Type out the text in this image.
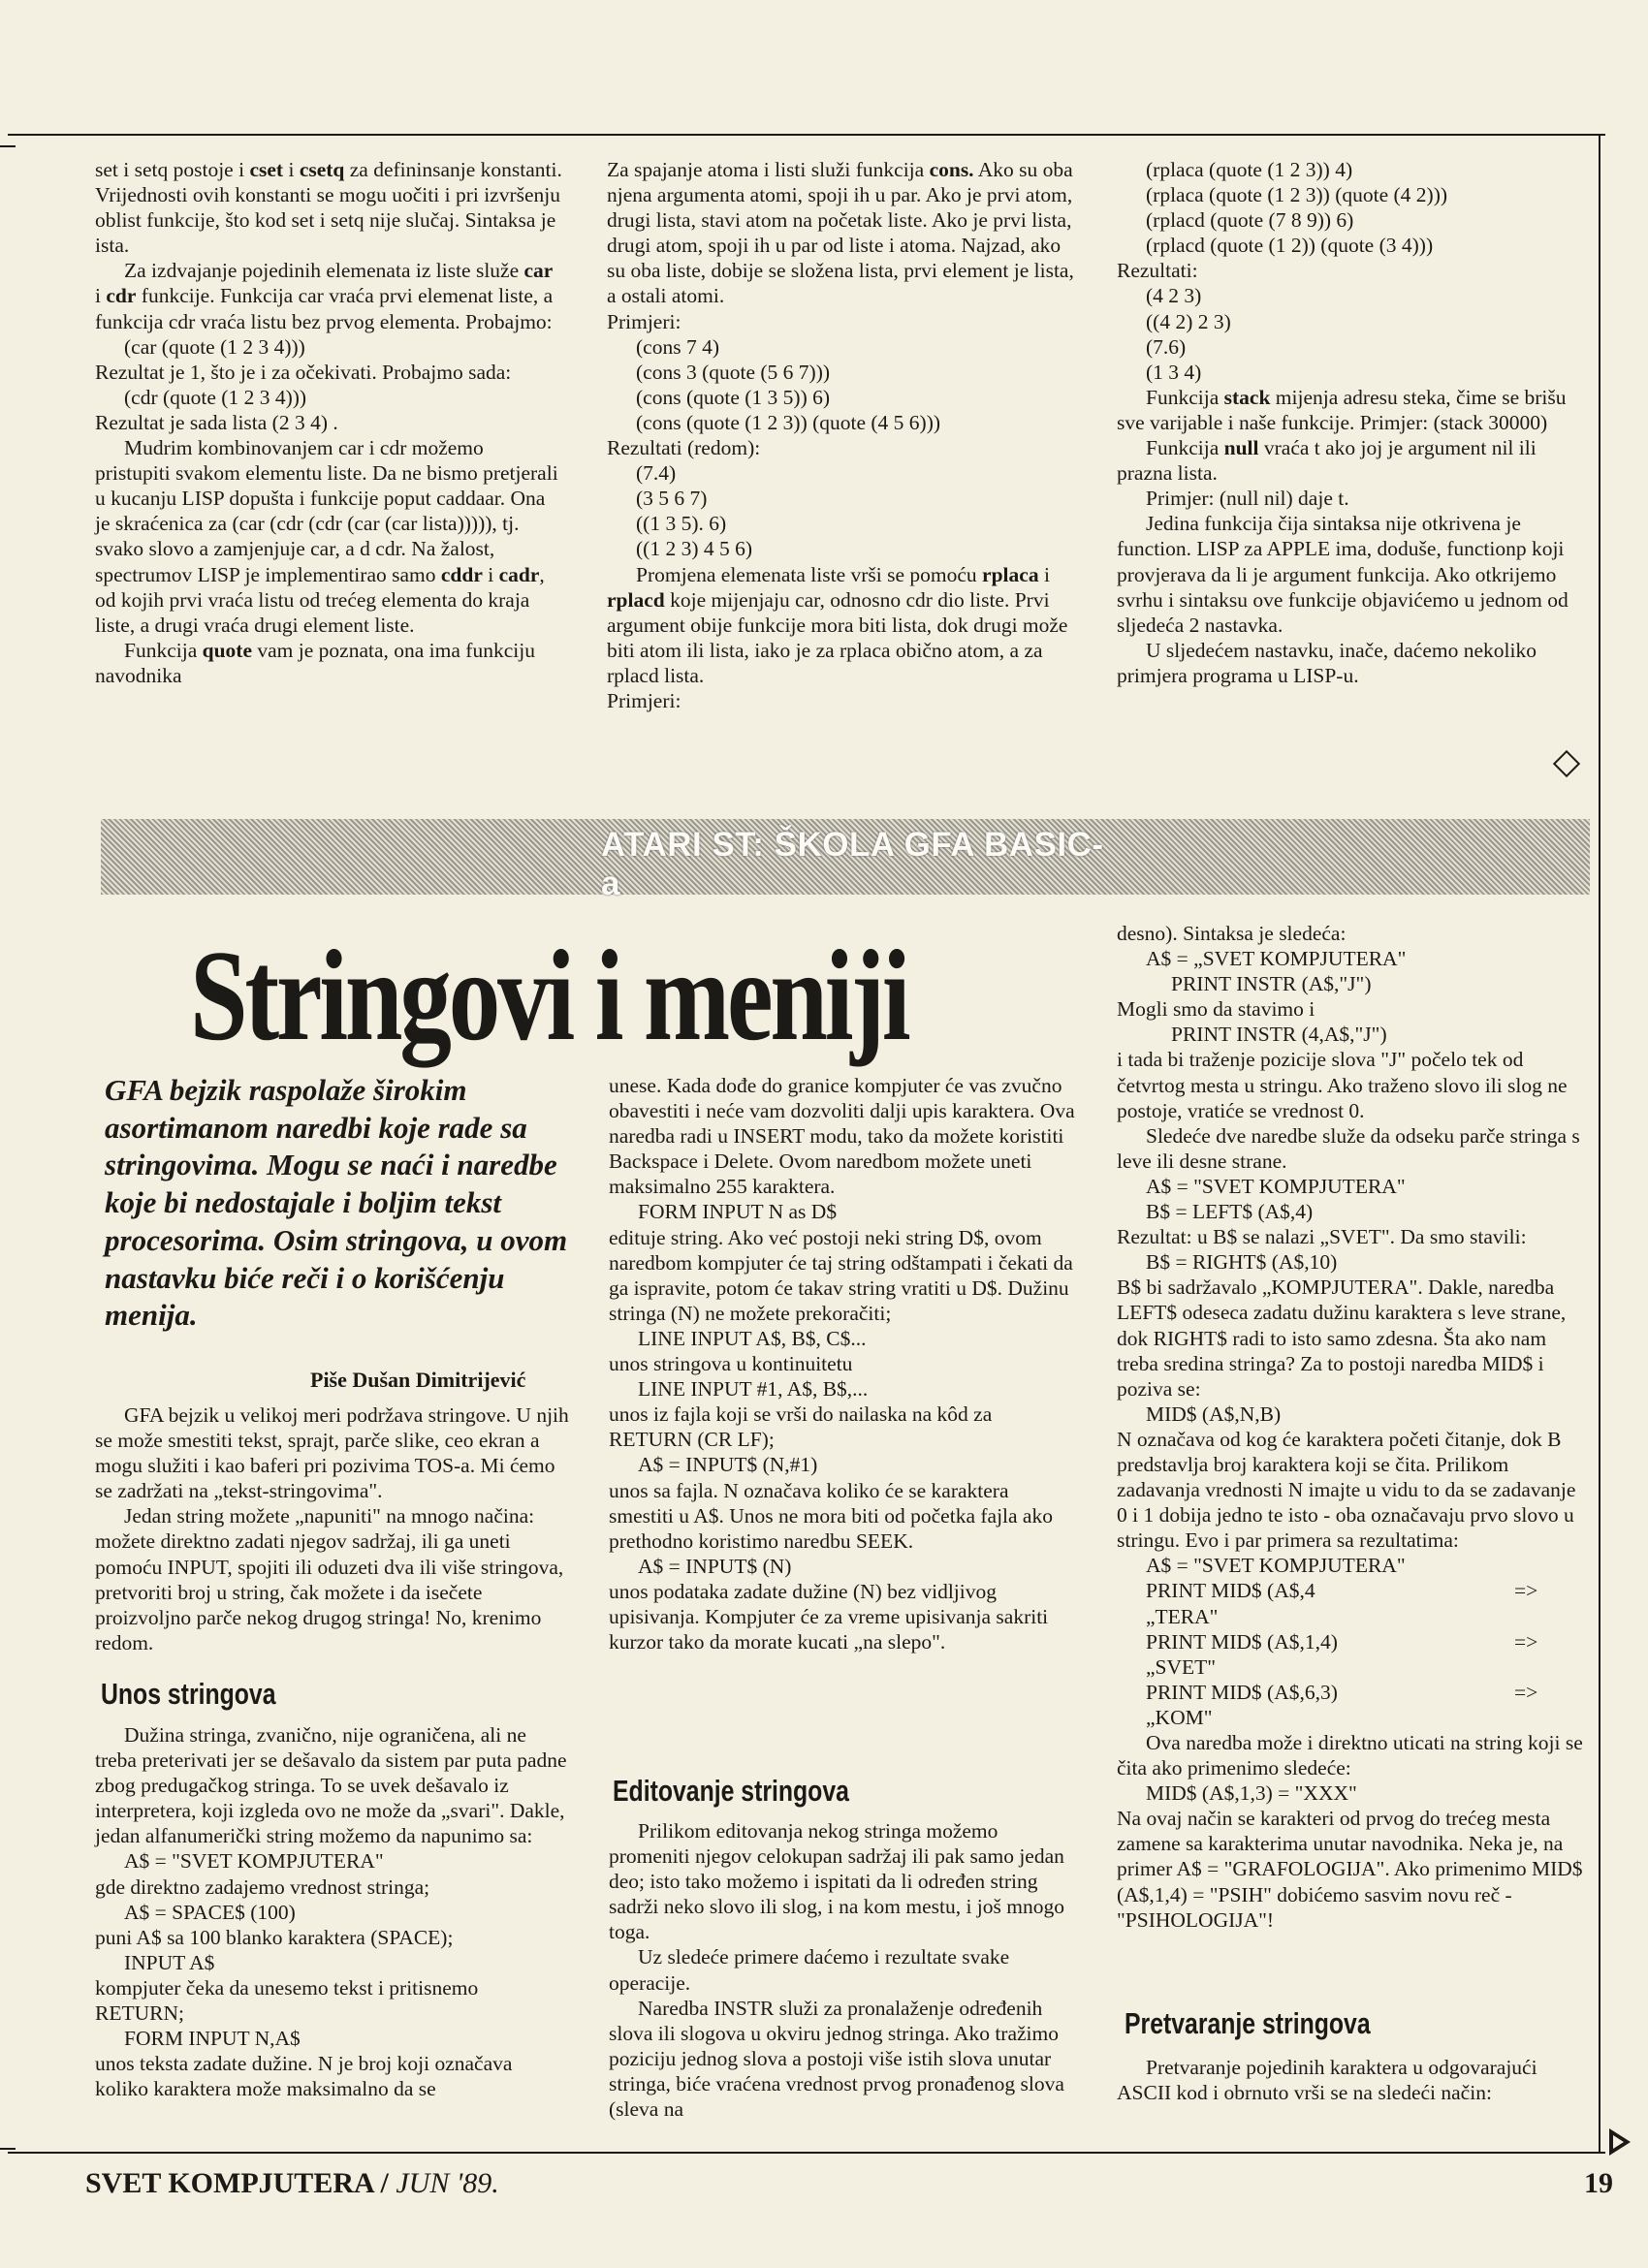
set i setq postoje i cset i csetq za defininsanje konstanti. Vrijednosti ovih konstanti se mogu uočiti i pri izvršenju oblist funkcije, što kod set i setq nije slučaj. Sintaksa je ista.

Za izdvajanje pojedinih elemenata iz liste služe car i cdr funkcije. Funkcija car vraća prvi elemenat liste, a funkcija cdr vraća listu bez prvog elementa. Probajmo:

(car (quote (1 2 3 4)))

Rezultat je 1, što je i za očekivati. Probajmo sada:

(cdr (quote (1 2 3 4)))

Rezultat je sada lista (2 3 4) .

Mudrim kombinovanjem car i cdr možemo pristupiti svakom elementu liste. Da ne bismo pretjerali u kucanju LISP dopušta i funkcije poput caddaar. Ona je skraćenica za (car (cdr (cdr (car (car lista))))), tj. svako slovo a zamjenjuje car, a d cdr. Na žalost, spectrumov LISP je implementirao samo cddr i cadr, od kojih prvi vraća listu od trećeg elementa do kraja liste, a drugi vraća drugi element liste.

Funkcija quote vam je poznata, ona ima funkciju navodnika

Za spajanje atoma i listi služi funkcija cons. Ako su oba njena argumenta atomi, spoji ih u par. Ako je prvi atom, drugi lista, stavi atom na početak liste. Ako je prvi lista, drugi atom, spoji ih u par od liste i atoma. Najzad, ako su oba liste, dobije se složena lista, prvi element je lista, a ostali atomi.

Primjeri:

(cons 7 4)

(cons 3 (quote (5 6 7)))

(cons (quote (1 3 5)) 6)

(cons (quote (1 2 3)) (quote (4 5 6)))

Rezultati (redom):

(7.4)

(3 5 6 7)

((1 3 5). 6)

((1 2 3) 4 5 6)

Promjena elemenata liste vrši se pomoću rplaca i rplacd koje mijenjaju car, odnosno cdr dio liste. Prvi argument obije funkcije mora biti lista, dok drugi može biti atom ili lista, iako je za rplaca obično atom, a za rplacd lista.

Primjeri:

(rplaca (quote (1 2 3)) 4)

(rplaca (quote (1 2 3)) (quote (4 2)))

(rplacd (quote (7 8 9)) 6)

(rplacd (quote (1 2)) (quote (3 4)))

Rezultati:

(4 2 3)

((4 2) 2 3)

(7.6)

(1 3 4)

Funkcija stack mijenja adresu steka, čime se brišu sve varijable i naše funkcije. Primjer: (stack 30000)

Funkcija null vraća t ako joj je argument nil ili prazna lista.

Primjer: (null nil) daje t.

Jedina funkcija čija sintaksa nije otkrivena je function. LISP za APPLE ima, doduše, functionp koji provjerava da li je argument funkcija. Ako otkrijemo svrhu i sintaksu ove funkcije objavićemo u jednom od sljedeća 2 nastavka.

U sljedećem nastavku, inače, daćemo nekoliko primjera programa u LISP-u.

ATARI ST: ŠKOLA GFA BASIC-a
Stringovi i meniji
GFA bejzik raspolaže širokim asortimanom naredbi koje rade sa stringovima. Mogu se naći i naredbe koje bi nedostajale i boljim tekst procesorima. Osim stringova, u ovom nastavku biće reči i o korišćenju menija.
Piše Dušan Dimitrijević

GFA bejzik u velikoj meri podržava stringove. U njih se može smestiti tekst, sprajt, parče slike, ceo ekran a mogu služiti i kao baferi pri pozivima TOS-a. Mi ćemo se zadržati na „tekst-stringovima".

Jedan string možete „napuniti" na mnogo načina: možete direktno zadati njegov sadržaj, ili ga uneti pomoću INPUT, spojiti ili oduzeti dva ili više stringova, pretvoriti broj u string, čak možete i da isečete proizvoljno parče nekog drugog stringa! No, krenimo redom.

Unos stringova

Dužina stringa, zvanično, nije ograničena, ali ne treba preterivati jer se dešavalo da sistem par puta padne zbog predugačkog stringa. To se uvek dešavalo iz interpretera, koji izgleda ovo ne može da „svari". Dakle, jedan alfanumerički string možemo da napunimo sa:

A$ = "SVET KOMPJUTERA"

gde direktno zadajemo vrednost stringa;

A$ = SPACE$ (100)

puni A$ sa 100 blanko karaktera (SPACE);

INPUT A$

kompjuter čeka da unesemo tekst i pritisnemo RETURN;

FORM INPUT N,A$

unos teksta zadate dužine. N je broj koji označava koliko karaktera može maksimalno da se

unese. Kada dođe do granice kompjuter će vas zvučno obavestiti i neće vam dozvoliti dalji upis karaktera. Ova naredba radi u INSERT modu, tako da možete koristiti Backspace i Delete. Ovom naredbom možete uneti maksimalno 255 karaktera.

FORM INPUT N as D$

edituje string. Ako već postoji neki string D$, ovom naredbom kompjuter će taj string odštampati i čekati da ga ispravite, potom će takav string vratiti u D$. Dužinu stringa (N) ne možete prekoračiti;

LINE INPUT A$, B$, C$...

unos stringova u kontinuitetu

LINE INPUT #1, A$, B$,...

unos iz fajla koji se vrši do nailaska na kôd za RETURN (CR LF);

A$ = INPUT$ (N,#1)

unos sa fajla. N označava koliko će se karaktera smestiti u A$. Unos ne mora biti od početka fajla ako prethodno koristimo naredbu SEEK.

A$ = INPUT$ (N)

unos podataka zadate dužine (N) bez vidljivog upisivanja. Kompjuter će za vreme upisivanja sakriti kurzor tako da morate kucati „na slepo".

Editovanje stringova

Prilikom editovanja nekog stringa možemo promeniti njegov celokupan sadržaj ili pak samo jedan deo; isto tako možemo i ispitati da li određen string sadrži neko slovo ili slog, i na kom mestu, i još mnogo toga.

Uz sledeće primere daćemo i rezultate svake operacije.

Naredba INSTR služi za pronalaženje određenih slova ili slogova u okviru jednog stringa. Ako tražimo poziciju jednog slova a postoji više istih slova unutar stringa, biće vraćena vrednost prvog pronađenog slova (sleva na

desno). Sintaksa je sledeća:

A$ = „SVET KOMPJUTERA"

PRINT INSTR (A$,"J")

Mogli smo da stavimo i

PRINT INSTR (4,A$,"J")

i tada bi traženje pozicije slova "J" počelo tek od četvrtog mesta u stringu. Ako traženo slovo ili slog ne postoje, vratiće se vrednost 0.

Sledeće dve naredbe služe da odseku parče stringa s leve ili desne strane.

A$ = "SVET KOMPJUTERA"

B$ = LEFT$ (A$,4)

Rezultat: u B$ se nalazi „SVET". Da smo stavili:

B$ = RIGHT$ (A$,10)

B$ bi sadržavalo „KOMPJUTERA". Dakle, naredba LEFT$ odeseca zadatu dužinu karaktera s leve strane, dok RIGHT$ radi to isto samo zdesna. Šta ako nam treba sredina stringa? Za to postoji naredba MID$ i poziva se:

MID$ (A$,N,B)

N označava od kog će karaktera početi čitanje, dok B predstavlja broj karaktera koji se čita. Prilikom zadavanja vrednosti N imajte u vidu to da se zadavanje 0 i 1 dobija jedno te isto - oba označavaju prvo slovo u stringu. Evo i par primera sa rezultatima:

A$ = "SVET KOMPJUTERA"

PRINT MID$ (A$,4	=> „TERA"

PRINT MID$ (A$,1,4)	=> „SVET"

PRINT MID$ (A$,6,3)	=> „KOM"

Ova naredba može i direktno uticati na string koji se čita ako primenimo sledeće:

MID$ (A$,1,3) = "XXX"

Na ovaj način se karakteri od prvog do trećeg mesta zamene sa karakterima unutar navodnika. Neka je, na primer A$ = "GRAFOLOGIJA". Ako primenimo MID$ (A$,1,4) = "PSIH" dobićemo sasvim novu reč - "PSIHOLOGIJA"!

Pretvaranje stringova

Pretvaranje pojedinih karaktera u odgovarajući ASCII kod i obrnuto vrši se na sledeći način:

SVET KOMPJUTERA / JUN '89.	19
